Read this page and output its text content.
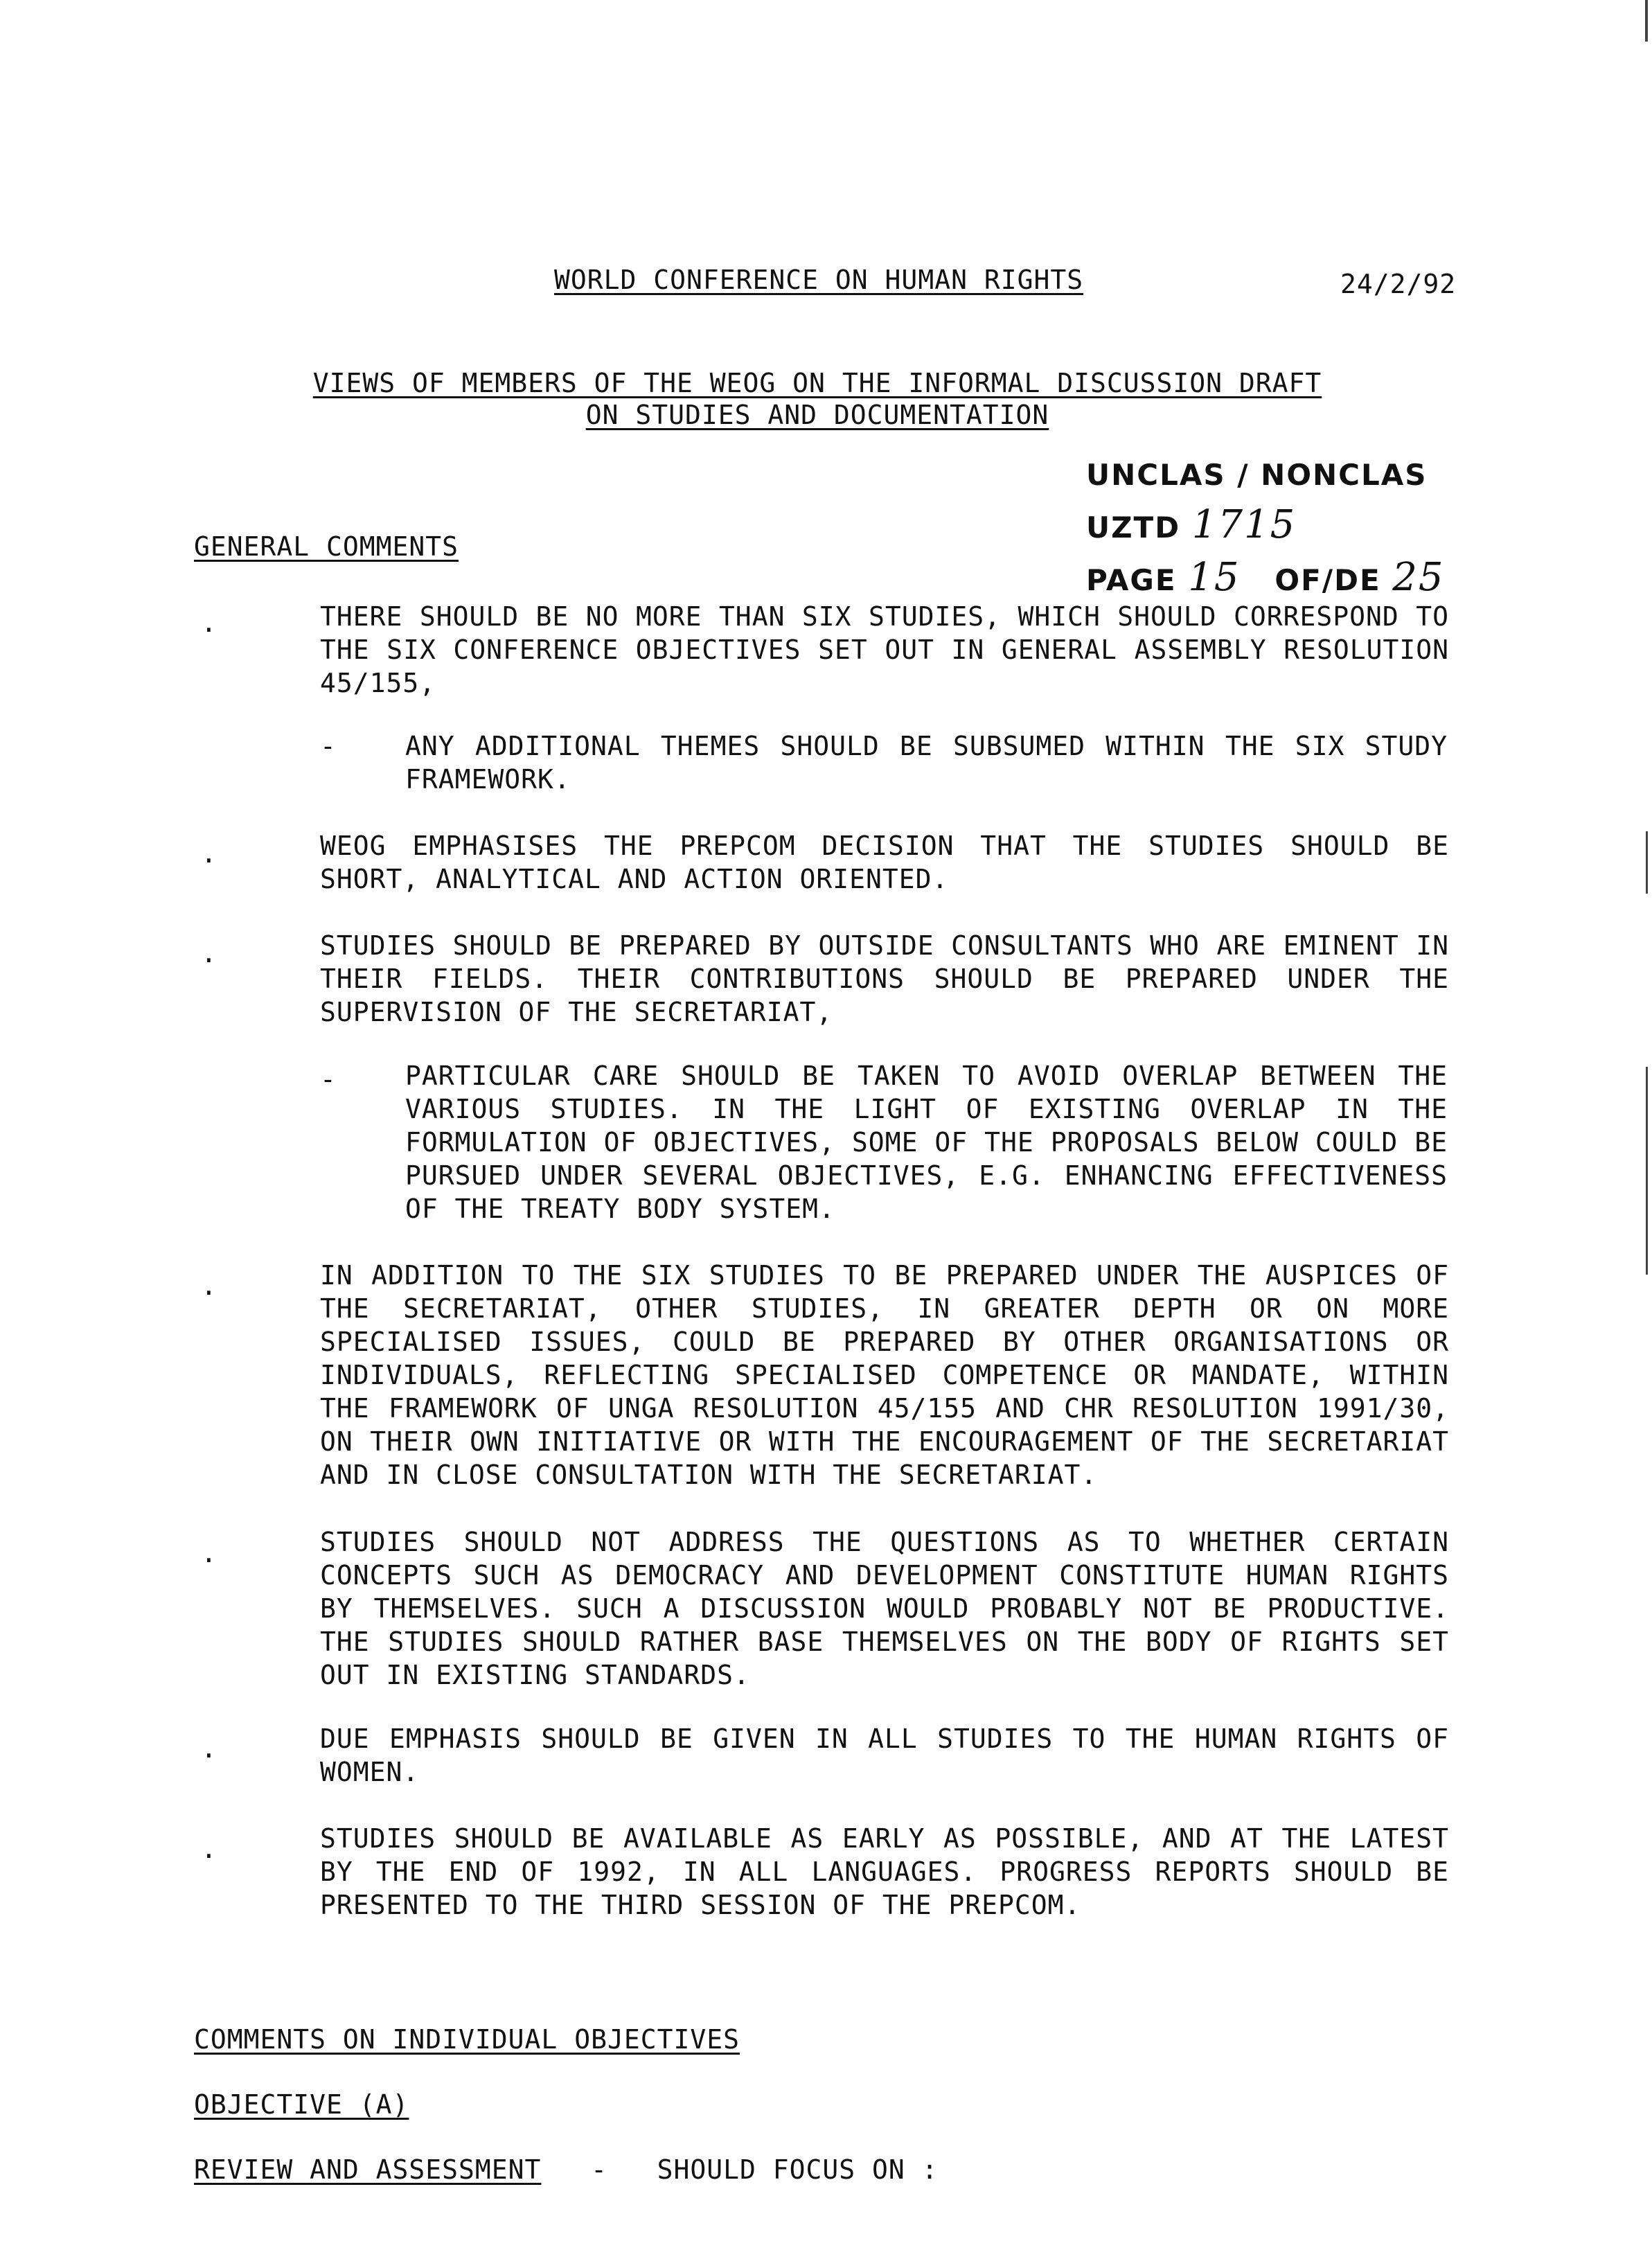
WORLD CONFERENCE ON HUMAN RIGHTS	24/2/92
VIEWS OF MEMBERS OF THE WEOG ON THE INFORMAL DISCUSSION DRAFT
ON STUDIES AND DOCUMENTATION
UNCLAS / NONCLAS
UZTD 1715
PAGE 15 OF/DE 25
GENERAL COMMENTS
.	THERE SHOULD BE NO MORE THAN SIX STUDIES, WHICH SHOULD CORRESPOND TO THE SIX CONFERENCE OBJECTIVES SET OUT IN GENERAL ASSEMBLY RESOLUTION 45/155,
-	ANY ADDITIONAL THEMES SHOULD BE SUBSUMED WITHIN THE SIX STUDY FRAMEWORK.
.	WEOG EMPHASISES THE PREPCOM DECISION THAT THE STUDIES SHOULD BE SHORT, ANALYTICAL AND ACTION ORIENTED.
.	STUDIES SHOULD BE PREPARED BY OUTSIDE CONSULTANTS WHO ARE EMINENT IN THEIR FIELDS. THEIR CONTRIBUTIONS SHOULD BE PREPARED UNDER THE SUPERVISION OF THE SECRETARIAT,
-	PARTICULAR CARE SHOULD BE TAKEN TO AVOID OVERLAP BETWEEN THE VARIOUS STUDIES. IN THE LIGHT OF EXISTING OVERLAP IN THE FORMULATION OF OBJECTIVES, SOME OF THE PROPOSALS BELOW COULD BE PURSUED UNDER SEVERAL OBJECTIVES, E.G. ENHANCING EFFECTIVENESS OF THE TREATY BODY SYSTEM.
.	IN ADDITION TO THE SIX STUDIES TO BE PREPARED UNDER THE AUSPICES OF THE SECRETARIAT, OTHER STUDIES, IN GREATER DEPTH OR ON MORE SPECIALISED ISSUES, COULD BE PREPARED BY OTHER ORGANISATIONS OR INDIVIDUALS, REFLECTING SPECIALISED COMPETENCE OR MANDATE, WITHIN THE FRAMEWORK OF UNGA RESOLUTION 45/155 AND CHR RESOLUTION 1991/30, ON THEIR OWN INITIATIVE OR WITH THE ENCOURAGEMENT OF THE SECRETARIAT AND IN CLOSE CONSULTATION WITH THE SECRETARIAT.
.	STUDIES SHOULD NOT ADDRESS THE QUESTIONS AS TO WHETHER CERTAIN CONCEPTS SUCH AS DEMOCRACY AND DEVELOPMENT CONSTITUTE HUMAN RIGHTS BY THEMSELVES. SUCH A DISCUSSION WOULD PROBABLY NOT BE PRODUCTIVE. THE STUDIES SHOULD RATHER BASE THEMSELVES ON THE BODY OF RIGHTS SET OUT IN EXISTING STANDARDS.
.	DUE EMPHASIS SHOULD BE GIVEN IN ALL STUDIES TO THE HUMAN RIGHTS OF WOMEN.
.	STUDIES SHOULD BE AVAILABLE AS EARLY AS POSSIBLE, AND AT THE LATEST BY THE END OF 1992, IN ALL LANGUAGES. PROGRESS REPORTS SHOULD BE PRESENTED TO THE THIRD SESSION OF THE PREPCOM.
COMMENTS ON INDIVIDUAL OBJECTIVES
OBJECTIVE (A)
REVIEW AND ASSESSMENT - SHOULD FOCUS ON :
